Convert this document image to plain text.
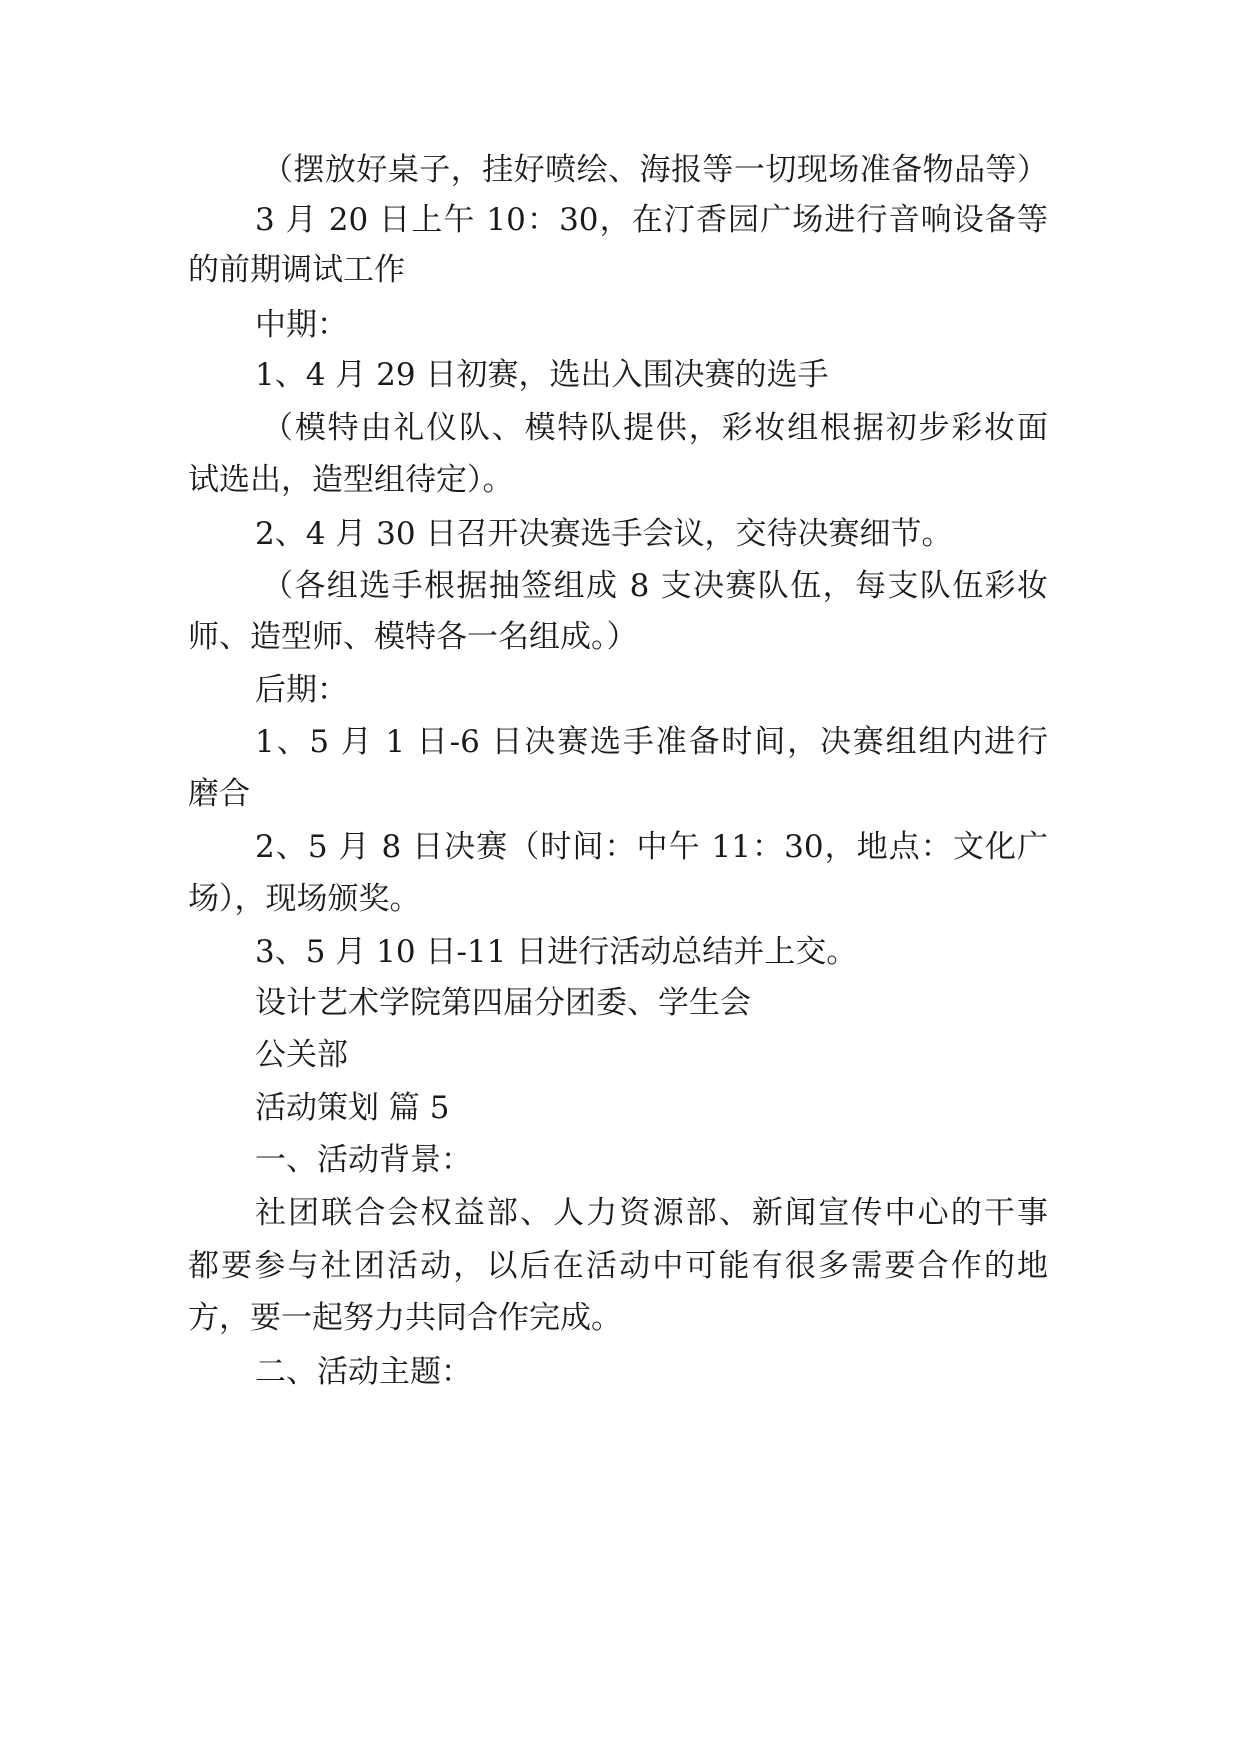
（摆放好桌子，挂好喷绘、海报等一切现场准备物品等）
3 月 20 日上午 10：30，在汀香园广场进行音响设备等
的前期调试工作
中期：
1、4 月 29 日初赛，选出入围决赛的选手
（模特由礼仪队、模特队提供，彩妆组根据初步彩妆面
试选出，造型组待定）。
2、4 月 30 日召开决赛选手会议，交待决赛细节。
（各组选手根据抽签组成 8 支决赛队伍，每支队伍彩妆
师、造型师、模特各一名组成。）
后期：
1、5 月 1 日-6 日决赛选手准备时间，决赛组组内进行
磨合
2、5 月 8 日决赛（时间：中午 11：30，地点：文化广
场），现场颁奖。
3、5 月 10 日-11 日进行活动总结并上交。
设计艺术学院第四届分团委、学生会
公关部
活动策划 篇 5
一、活动背景：
社团联合会权益部、人力资源部、新闻宣传中心的干事
都要参与社团活动，以后在活动中可能有很多需要合作的地
方，要一起努力共同合作完成。
二、活动主题：
